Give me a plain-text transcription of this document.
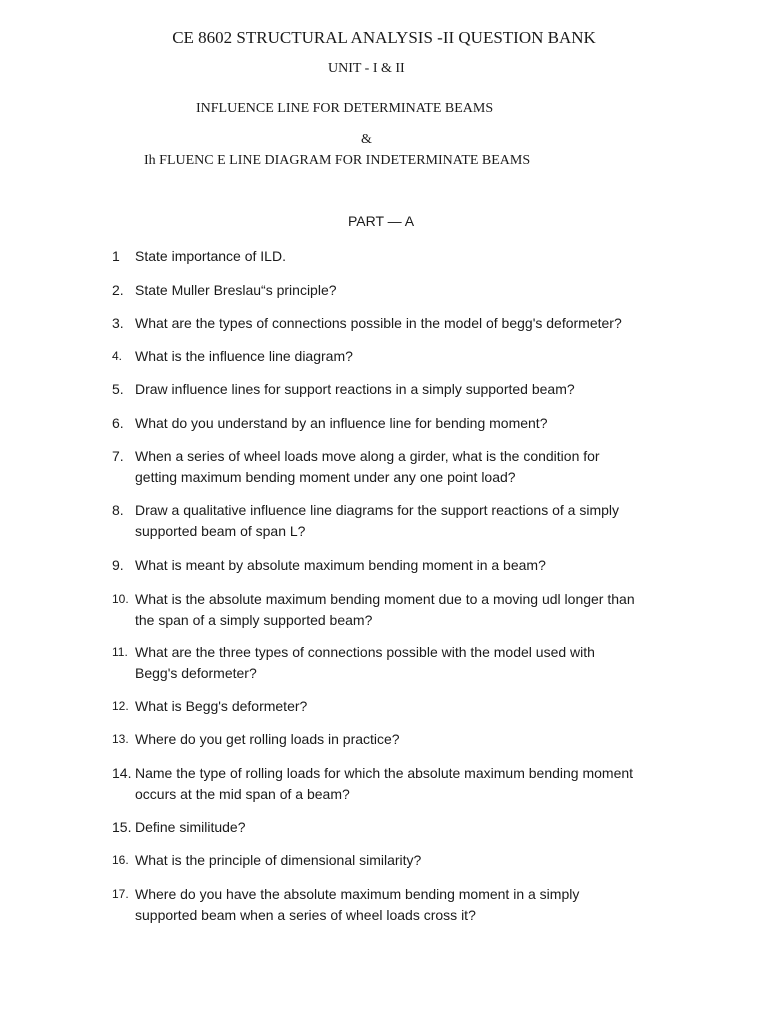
CE 8602 STRUCTURAL ANALYSIS -II QUESTION BANK
UNIT - I & II
INFLUENCE LINE FOR DETERMINATE BEAMS
&
Ih FLUENC E LINE DIAGRAM FOR INDETERMINATE BEAMS
PART — A
1 State importance of ILD.
2. State Muller Breslau“s principle?
3. What are the types of connections possible in the model of begg's deformeter?
4. What is the influence line diagram?
5. Draw influence lines for support reactions in a simply supported beam?
6. What do you understand by an influence line for bending moment?
7. When a series of wheel loads move along a girder, what is the condition for
getting maximum bending moment under any one point load?
8. Draw a qualitative influence line diagrams for the support reactions of a simply
supported beam of span L?
9. What is meant by absolute maximum bending moment in a beam?
10. What is the absolute maximum bending moment due to a moving udl longer than
the span of a simply supported beam?
11. What are the three types of connections possible with the model used with
Begg's deformeter?
12. What is Begg's deformeter?
13. Where do you get rolling loads in practice?
14. Name the type of rolling loads for which the absolute maximum bending moment
occurs at the mid span of a beam?
15. Define similitude?
16. What is the principle of dimensional similarity?
17. Where do you have the absolute maximum bending moment in a simply
supported beam when a series of wheel loads cross it?
